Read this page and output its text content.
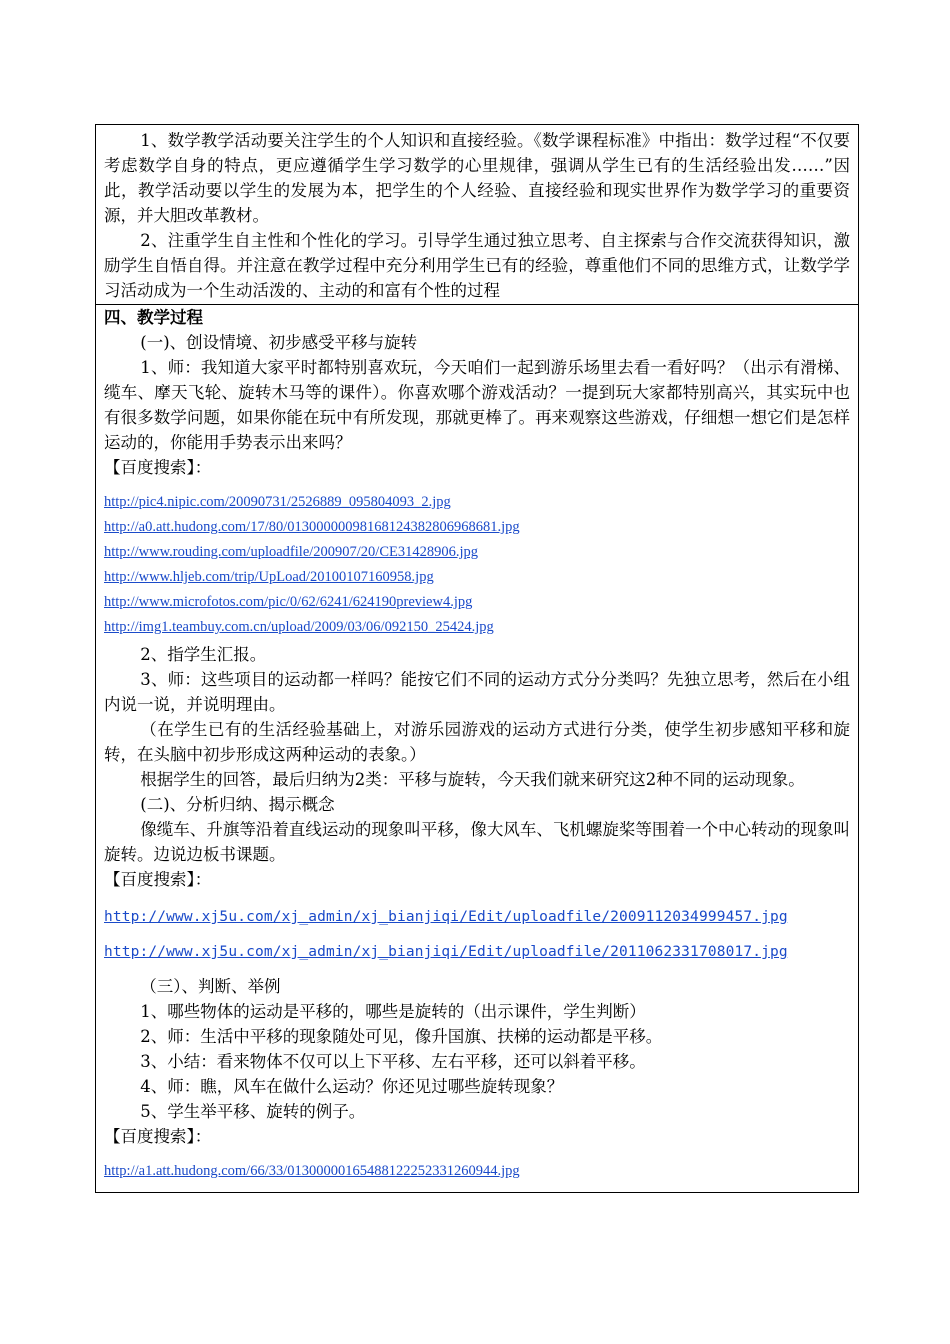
1、数学教学活动要关注学生的个人知识和直接经验。《数学课程标准》中指出：数学过程“不仅要考虑数学自身的特点，更应遵循学生学习数学的心里规律，强调从学生已有的生活经验出发……”因此，教学活动要以学生的发展为本，把学生的个人经验、直接经验和现实世界作为数学学习的重要资源，并大胆改革教材。

2、注重学生自主性和个性化的学习。引导学生通过独立思考、自主探索与合作交流获得知识，激励学生自悟自得。并注意在教学过程中充分利用学生已有的经验，尊重他们不同的思维方式，让数学学习活动成为一个生动活泼的、主动的和富有个性的过程

四、教学过程

(一)、创设情境、初步感受平移与旋转

1、师：我知道大家平时都特别喜欢玩，今天咱们一起到游乐场里去看一看好吗？（出示有滑梯、缆车、摩天飞轮、旋转木马等的课件）。你喜欢哪个游戏活动？一提到玩大家都特别高兴，其实玩中也有很多数学问题，如果你能在玩中有所发现，那就更棒了。再来观察这些游戏，仔细想一想它们是怎样运动的，你能用手势表示出来吗？

【百度搜索】：

http://pic4.nipic.com/20090731/2526889_095804093_2.jpg
http://a0.att.hudong.com/17/80/01300000098168124382806968681.jpg
http://www.rouding.com/uploadfile/200907/20/CE31428906.jpg
http://www.hljeb.com/trip/UpLoad/20100107160958.jpg
http://www.microfotos.com/pic/0/62/6241/624190preview4.jpg
http://img1.teambuy.com.cn/upload/2009/03/06/092150_25424.jpg

2、指学生汇报。

3、师：这些项目的运动都一样吗？能按它们不同的运动方式分分类吗？先独立思考，然后在小组内说一说，并说明理由。

（在学生已有的生活经验基础上，对游乐园游戏的运动方式进行分类，使学生初步感知平移和旋转，在头脑中初步形成这两种运动的表象。）

根据学生的回答，最后归纳为2类：平移与旋转，今天我们就来研究这2种不同的运动现象。

(二)、分析归纳、揭示概念

像缆车、升旗等沿着直线运动的现象叫平移，像大风车、飞机螺旋桨等围着一个中心转动的现象叫旋转。边说边板书课题。

【百度搜索】：

http://www.xj5u.com/xj_admin/xj_bianjiqi/Edit/uploadfile/2009112034999457.jpg
http://www.xj5u.com/xj_admin/xj_bianjiqi/Edit/uploadfile/2011062331708017.jpg

（三）、判断、举例

1、哪些物体的运动是平移的，哪些是旋转的（出示课件，学生判断）

2、师：生活中平移的现象随处可见，像升国旗、扶梯的运动都是平移。

3、小结：看来物体不仅可以上下平移、左右平移，还可以斜着平移。

4、师：瞧，风车在做什么运动？你还见过哪些旋转现象？

5、学生举平移、旋转的例子。

【百度搜索】：

http://a1.att.hudong.com/66/33/01300000165488122252331260944.jpg
